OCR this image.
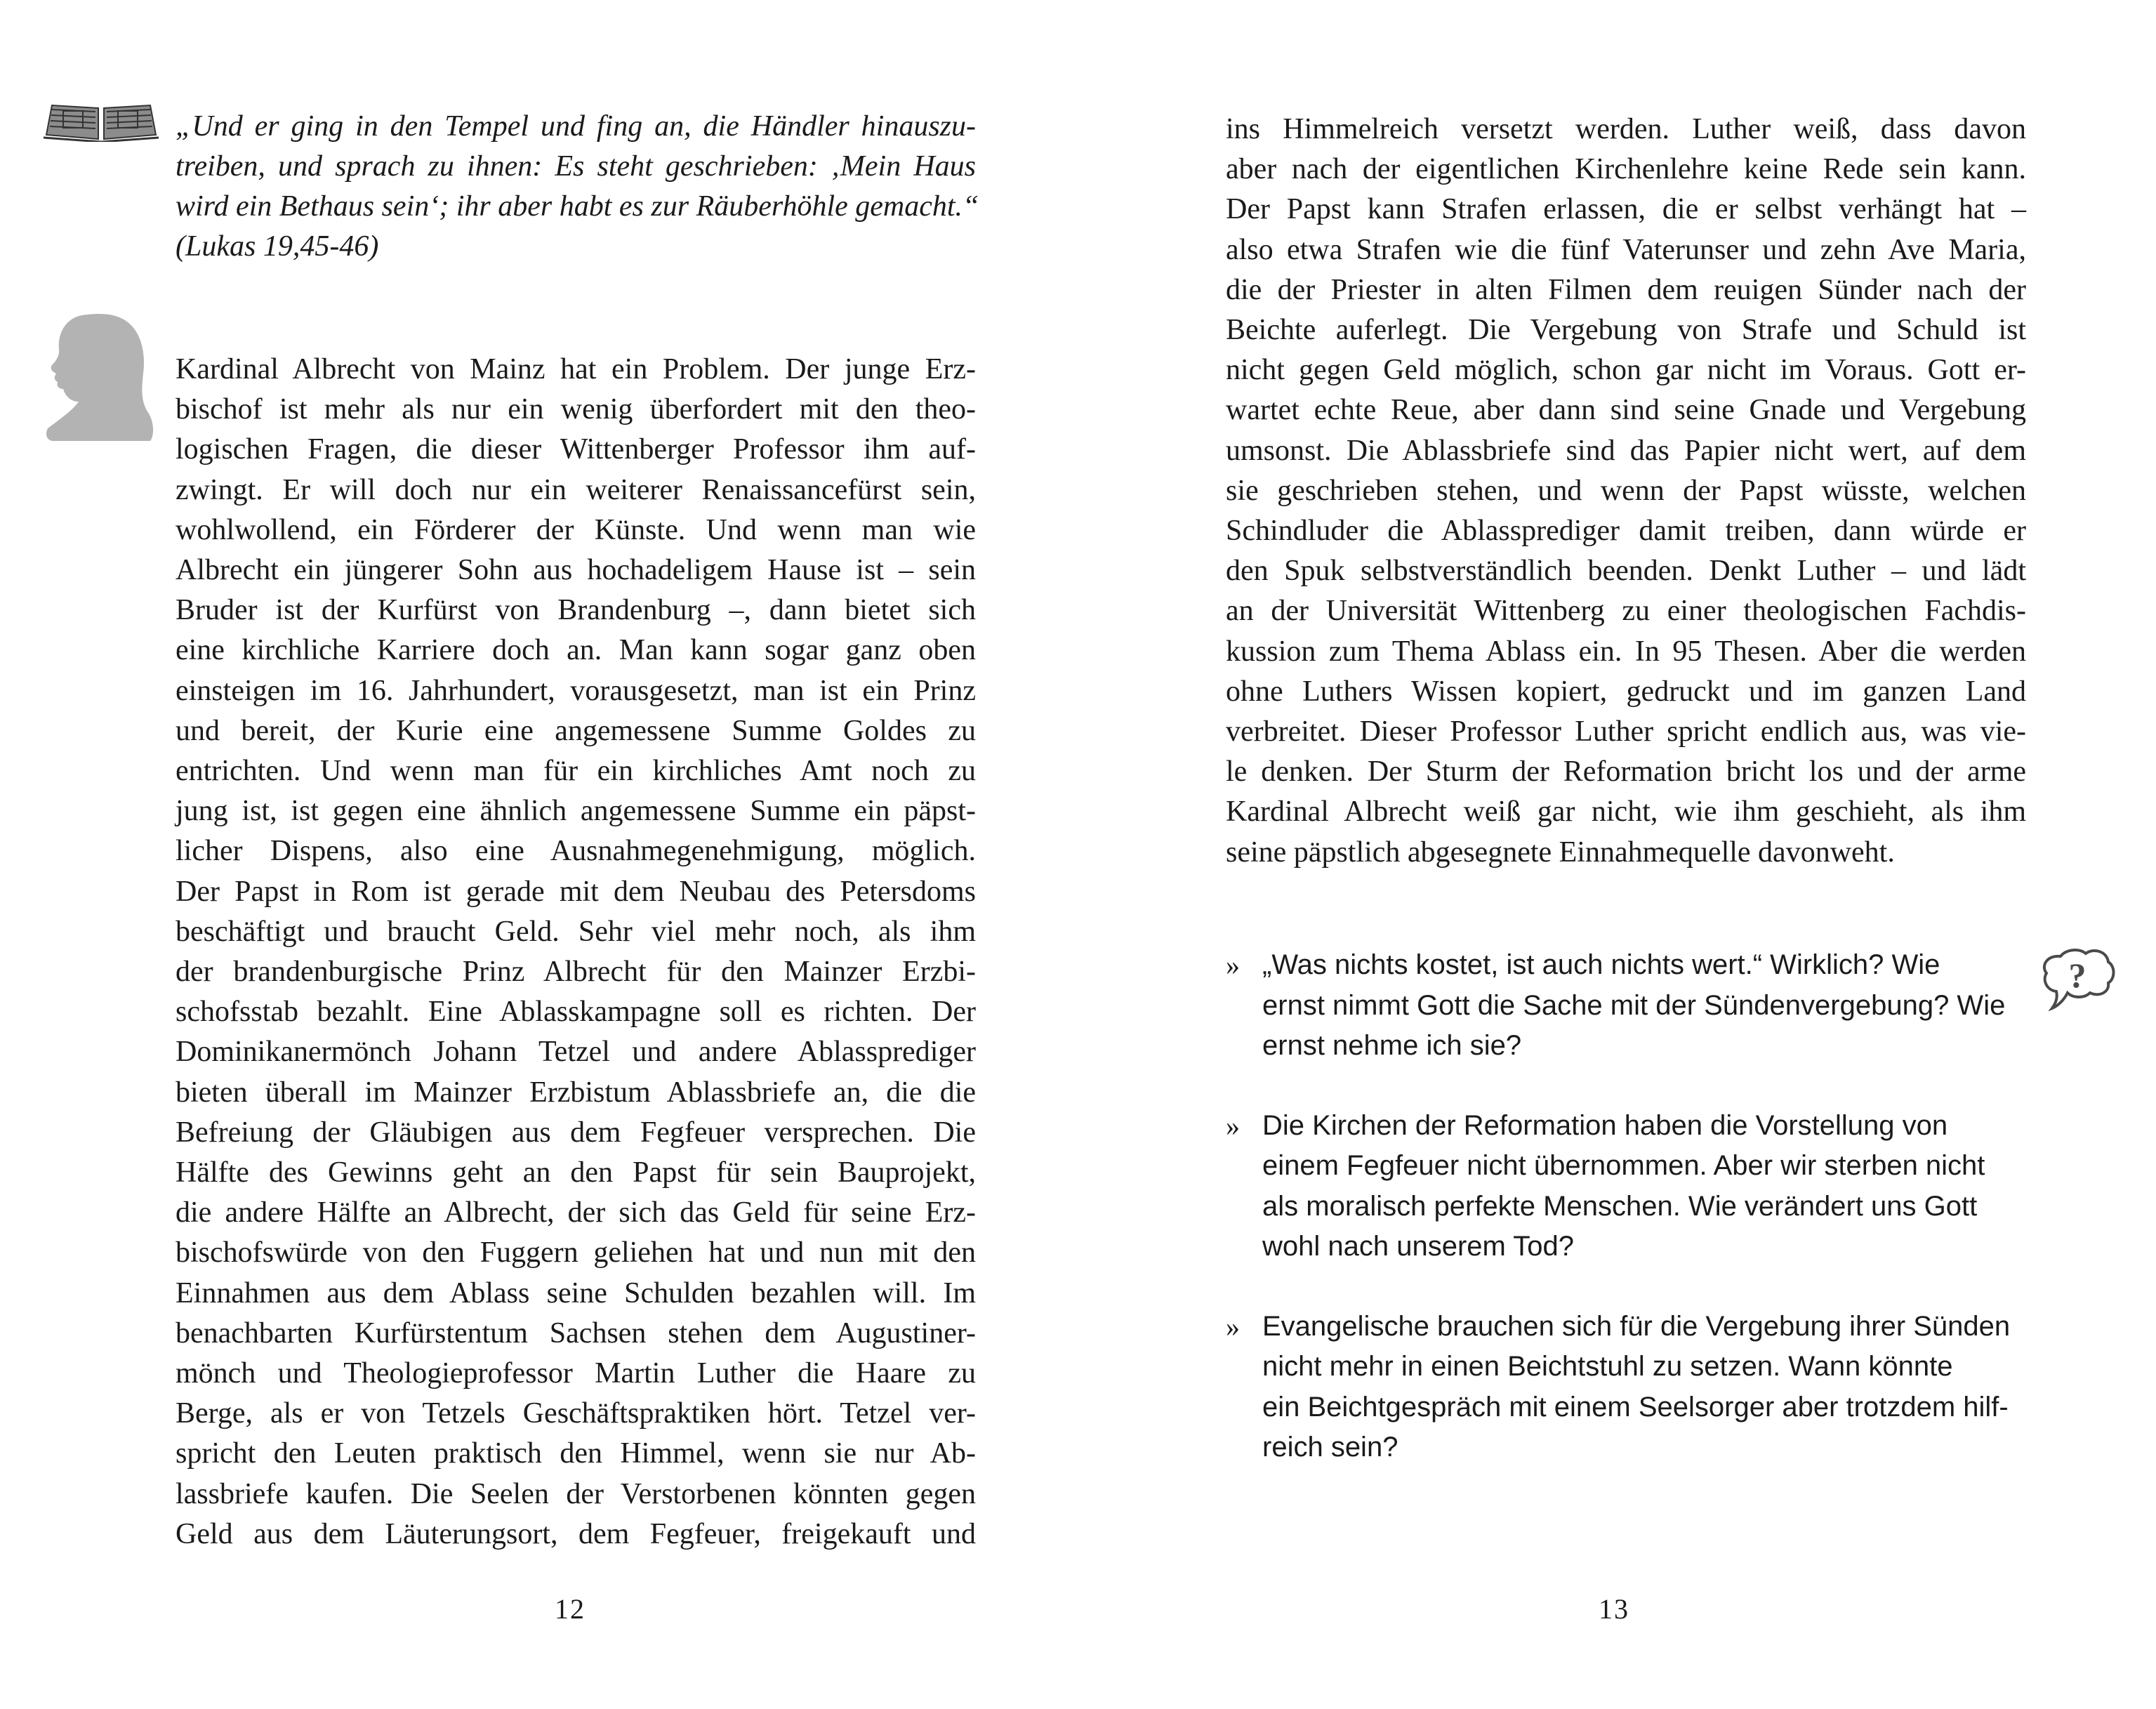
„Und er ging in den Tempel und fing an, die Händler hinauszu-
treiben, und sprach zu ihnen: Es steht geschrieben: ‚Mein Haus
wird ein Bethaus sein‘; ihr aber habt es zur Räuberhöhle gemacht.“
(Lukas 19,45-46)

Kardinal Albrecht von Mainz hat ein Problem. Der junge Erz-
bischof ist mehr als nur ein wenig überfordert mit den theo-
logischen Fragen, die dieser Wittenberger Professor ihm auf-
zwingt. Er will doch nur ein weiterer Renaissancefürst sein,
wohlwollend, ein Förderer der Künste. Und wenn man wie
Albrecht ein jüngerer Sohn aus hochadeligem Hause ist – sein
Bruder ist der Kurfürst von Brandenburg –, dann bietet sich
eine kirchliche Karriere doch an. Man kann sogar ganz oben
einsteigen im 16. Jahrhundert, vorausgesetzt, man ist ein Prinz
und bereit, der Kurie eine angemessene Summe Goldes zu
entrichten. Und wenn man für ein kirchliches Amt noch zu
jung ist, ist gegen eine ähnlich angemessene Summe ein päpst-
licher Dispens, also eine Ausnahmegenehmigung, möglich.
Der Papst in Rom ist gerade mit dem Neubau des Petersdoms
beschäftigt und braucht Geld. Sehr viel mehr noch, als ihm
der brandenburgische Prinz Albrecht für den Mainzer Erzbi-
schofsstab bezahlt. Eine Ablasskampagne soll es richten. Der
Dominikanermönch Johann Tetzel und andere Ablassprediger
bieten überall im Mainzer Erzbistum Ablassbriefe an, die die
Befreiung der Gläubigen aus dem Fegfeuer versprechen. Die
Hälfte des Gewinns geht an den Papst für sein Bauprojekt,
die andere Hälfte an Albrecht, der sich das Geld für seine Erz-
bischofswürde von den Fuggern geliehen hat und nun mit den
Einnahmen aus dem Ablass seine Schulden bezahlen will. Im
benachbarten Kurfürstentum Sachsen stehen dem Augustiner-
mönch und Theologieprofessor Martin Luther die Haare zu
Berge, als er von Tetzels Geschäftspraktiken hört. Tetzel ver-
spricht den Leuten praktisch den Himmel, wenn sie nur Ab-
lassbriefe kaufen. Die Seelen der Verstorbenen könnten gegen
Geld aus dem Läuterungsort, dem Fegfeuer, freigekauft und

12

ins Himmelreich versetzt werden. Luther weiß, dass davon
aber nach der eigentlichen Kirchenlehre keine Rede sein kann.
Der Papst kann Strafen erlassen, die er selbst verhängt hat –
also etwa Strafen wie die fünf Vaterunser und zehn Ave Maria,
die der Priester in alten Filmen dem reuigen Sünder nach der
Beichte auferlegt. Die Vergebung von Strafe und Schuld ist
nicht gegen Geld möglich, schon gar nicht im Voraus. Gott er-
wartet echte Reue, aber dann sind seine Gnade und Vergebung
umsonst. Die Ablassbriefe sind das Papier nicht wert, auf dem
sie geschrieben stehen, und wenn der Papst wüsste, welchen
Schindluder die Ablassprediger damit treiben, dann würde er
den Spuk selbstverständlich beenden. Denkt Luther – und lädt
an der Universität Wittenberg zu einer theologischen Fachdis-
kussion zum Thema Ablass ein. In 95 Thesen. Aber die werden
ohne Luthers Wissen kopiert, gedruckt und im ganzen Land
verbreitet. Dieser Professor Luther spricht endlich aus, was vie-
le denken. Der Sturm der Reformation bricht los und der arme
Kardinal Albrecht weiß gar nicht, wie ihm geschieht, als ihm
seine päpstlich abgesegnete Einnahmequelle davonweht.

» „Was nichts kostet, ist auch nichts wert.“ Wirklich? Wie
ernst nimmt Gott die Sache mit der Sündenvergebung? Wie
ernst nehme ich sie?
» Die Kirchen der Reformation haben die Vorstellung von
einem Fegfeuer nicht übernommen. Aber wir sterben nicht
als moralisch perfekte Menschen. Wie verändert uns Gott
wohl nach unserem Tod?
» Evangelische brauchen sich für die Vergebung ihrer Sünden
nicht mehr in einen Beichtstuhl zu setzen. Wann könnte
ein Beichtgespräch mit einem Seelsorger aber trotzdem hilf-
reich sein?
?
13
